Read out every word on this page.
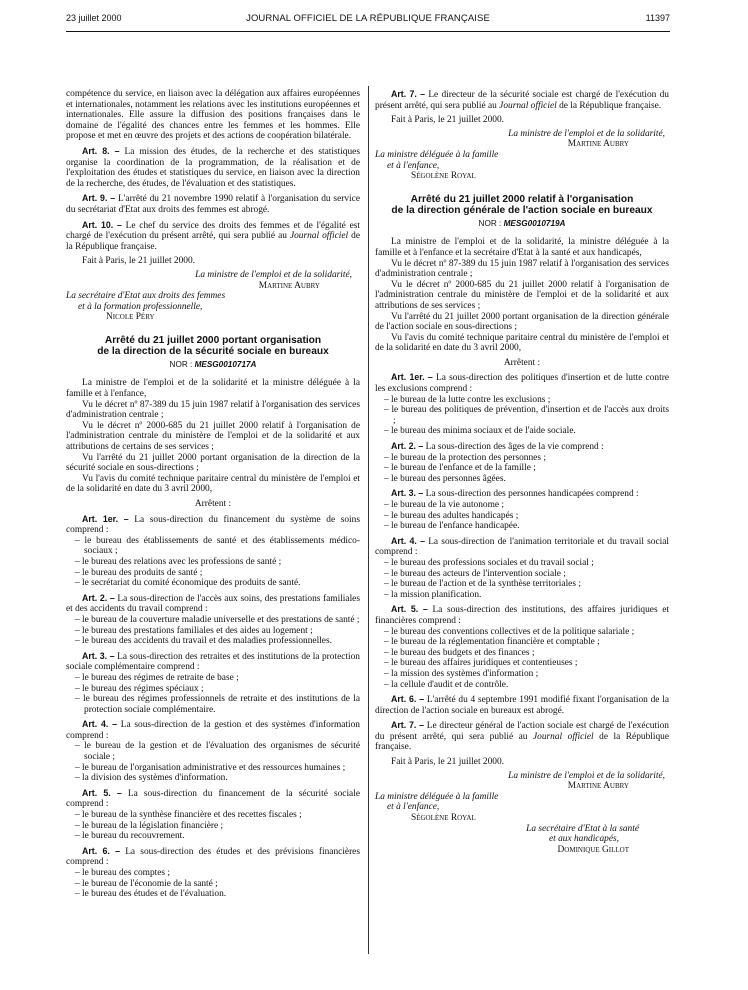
23 juillet 2000	JOURNAL OFFICIEL DE LA RÉPUBLIQUE FRANÇAISE	11397

compétence du service, en liaison avec la délégation aux affaires européennes et internationales, notamment les relations avec les institutions européennes et internationales. Elle assure la diffusion des positions françaises dans le domaine de l'égalité des chances entre les femmes et les hommes. Elle propose et met en œuvre des projets et des actions de coopération bilatérale.

Art. 8. – La mission des études, de la recherche et des statistiques organise la coordination de la programmation, de la réalisation et de l'exploitation des études et statistiques du service, en liaison avec la direction de la recherche, des études, de l'évaluation et des statistiques.

Art. 9. – L'arrêté du 21 novembre 1990 relatif à l'organisation du service du secrétariat d'Etat aux droits des femmes est abrogé.

Art. 10. – Le chef du service des droits des femmes et de l'égalité est chargé de l'exécution du présent arrêté, qui sera publié au Journal officiel de la République française.

Fait à Paris, le 21 juillet 2000.

La ministre de l'emploi et de la solidarité,

Martine Aubry

La secrétaire d'Etat aux droits des femmes

et à la formation professionnelle,

Nicole Péry

Arrêté du 21 juillet 2000 portant organisation
de la direction de la sécurité sociale en bureaux
NOR : MESG0010717A

La ministre de l'emploi et de la solidarité et la ministre déléguée à la famille et à l'enfance,

Vu le décret nº 87-389 du 15 juin 1987 relatif à l'organisation des services d'administration centrale ;

Vu le décret nº 2000-685 du 21 juillet 2000 relatif à l'organisation de l'administration centrale du ministère de l'emploi et de la solidarité et aux attributions de certains de ses services ;

Vu l'arrêté du 21 juillet 2000 portant organisation de la direction de la sécurité sociale en sous-directions ;

Vu l'avis du comité technique paritaire central du ministère de l'emploi et de la solidarité en date du 3 avril 2000,

Arrêtent :

Art. 1er. – La sous-direction du financement du système de soins comprend :

– le bureau des établissements de santé et des établissements médico-sociaux ;
– le bureau des relations avec les professions de santé ;
– le bureau des produits de santé ;
– le secrétariat du comité économique des produits de santé.

Art. 2. – La sous-direction de l'accès aux soins, des prestations familiales et des accidents du travail comprend :

– le bureau de la couverture maladie universelle et des prestations de santé ;
– le bureau des prestations familiales et des aides au logement ;
– le bureau des accidents du travail et des maladies professionnelles.

Art. 3. – La sous-direction des retraites et des institutions de la protection sociale complémentaire comprend :

– le bureau des régimes de retraite de base ;
– le bureau des régimes spéciaux ;
– le bureau des régimes professionnels de retraite et des institutions de la protection sociale complémentaire.

Art. 4. – La sous-direction de la gestion et des systèmes d'information comprend :

– le bureau de la gestion et de l'évaluation des organismes de sécurité sociale ;
– le bureau de l'organisation administrative et des ressources humaines ;
– la division des systèmes d'information.

Art. 5. – La sous-direction du financement de la sécurité sociale comprend :

– le bureau de la synthèse financière et des recettes fiscales ;
– le bureau de la législation financière ;
– le bureau du recouvrement.

Art. 6. – La sous-direction des études et des prévisions financières comprend :

– le bureau des comptes ;
– le bureau de l'économie de la santé ;
– le bureau des études et de l'évaluation.

Art. 7. – Le directeur de la sécurité sociale est chargé de l'exécution du présent arrêté, qui sera publié au Journal officiel de la République française.

Fait à Paris, le 21 juillet 2000.

La ministre de l'emploi et de la solidarité,

Martine Aubry

La ministre déléguée à la famille

et à l'enfance,

Ségolène Royal

Arrêté du 21 juillet 2000 relatif à l'organisation
de la direction générale de l'action sociale en bureaux
NOR : MESG0010719A

La ministre de l'emploi et de la solidarité, la ministre déléguée à la famille et à l'enfance et la secrétaire d'Etat à la santé et aux handicapés,

Vu le décret nº 87-389 du 15 juin 1987 relatif à l'organisation des services d'administration centrale ;

Vu le décret nº 2000-685 du 21 juillet 2000 relatif à l'organisation de l'administration centrale du ministère de l'emploi et de la solidarité et aux attributions de ses services ;

Vu l'arrêté du 21 juillet 2000 portant organisation de la direction générale de l'action sociale en sous-directions ;

Vu l'avis du comité technique paritaire central du ministère de l'emploi et de la solidarité en date du 3 avril 2000,

Arrêtent :

Art. 1er. – La sous-direction des politiques d'insertion et de lutte contre les exclusions comprend :

– le bureau de la lutte contre les exclusions ;
– le bureau des politiques de prévention, d'insertion et de l'accès aux droits ;
– le bureau des minima sociaux et de l'aide sociale.

Art. 2. – La sous-direction des âges de la vie comprend :

– le bureau de la protection des personnes ;
– le bureau de l'enfance et de la famille ;
– le bureau des personnes âgées.

Art. 3. – La sous-direction des personnes handicapées comprend :

– le bureau de la vie autonome ;
– le bureau des adultes handicapés ;
– le bureau de l'enfance handicapée.

Art. 4. – La sous-direction de l'animation territoriale et du travail social comprend :

– le bureau des professions sociales et du travail social ;
– le bureau des acteurs de l'intervention sociale ;
– le bureau de l'action et de la synthèse territoriales ;
– la mission planification.

Art. 5. – La sous-direction des institutions, des affaires juridiques et financières comprend :

– le bureau des conventions collectives et de la politique salariale ;
– le bureau de la réglementation financière et comptable ;
– le bureau des budgets et des finances ;
– le bureau des affaires juridiques et contentieuses ;
– la mission des systèmes d'information ;
– la cellule d'audit et de contrôle.

Art. 6. – L'arrêté du 4 septembre 1991 modifié fixant l'organisation de la direction de l'action sociale en bureaux est abrogé.

Art. 7. – Le directeur général de l'action sociale est chargé de l'exécution du présent arrêté, qui sera publié au Journal officiel de la République française.

Fait à Paris, le 21 juillet 2000.

La ministre de l'emploi et de la solidarité,

Martine Aubry

La ministre déléguée à la famille

et à l'enfance,

Ségolène Royal

La secrétaire d'Etat à la santé

et aux handicapés,

Dominique Gillot
